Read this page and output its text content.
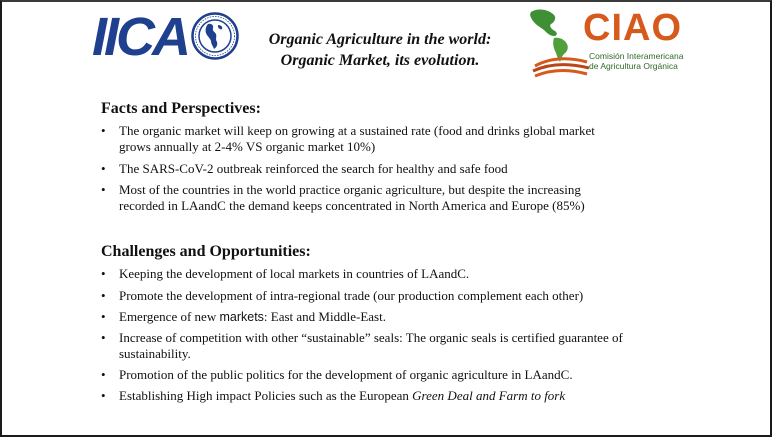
IICA	Organic Agriculture in the world:
Organic Market, its evolution.
CIAO
Comisión Interamericana
de Agricultura Orgánica
Facts and Perspectives:
•	The organic market will keep on growing at a sustained rate (food and drinks global market
grows annually at 2-4% VS organic market 10%)
•	The SARS-CoV-2 outbreak reinforced the search for healthy and safe food
•	Most of the countries in the world practice organic agriculture, but despite the increasing
recorded in LAandC the demand keeps concentrated in North America and Europe (85%)
Challenges and Opportunities:
•	Keeping the development of local markets in countries of LAandC.
•	Promote the development of intra-regional trade (our production complement each other)
•	Emergence of new markets: East and Middle-East.
•	Increase of competition with other “sustainable” seals: The organic seals is certified guarantee of
sustainability.
•	Promotion of the public politics for the development of organic agriculture in LAandC.
•	Establishing High impact Policies such as the European Green Deal and Farm to fork
